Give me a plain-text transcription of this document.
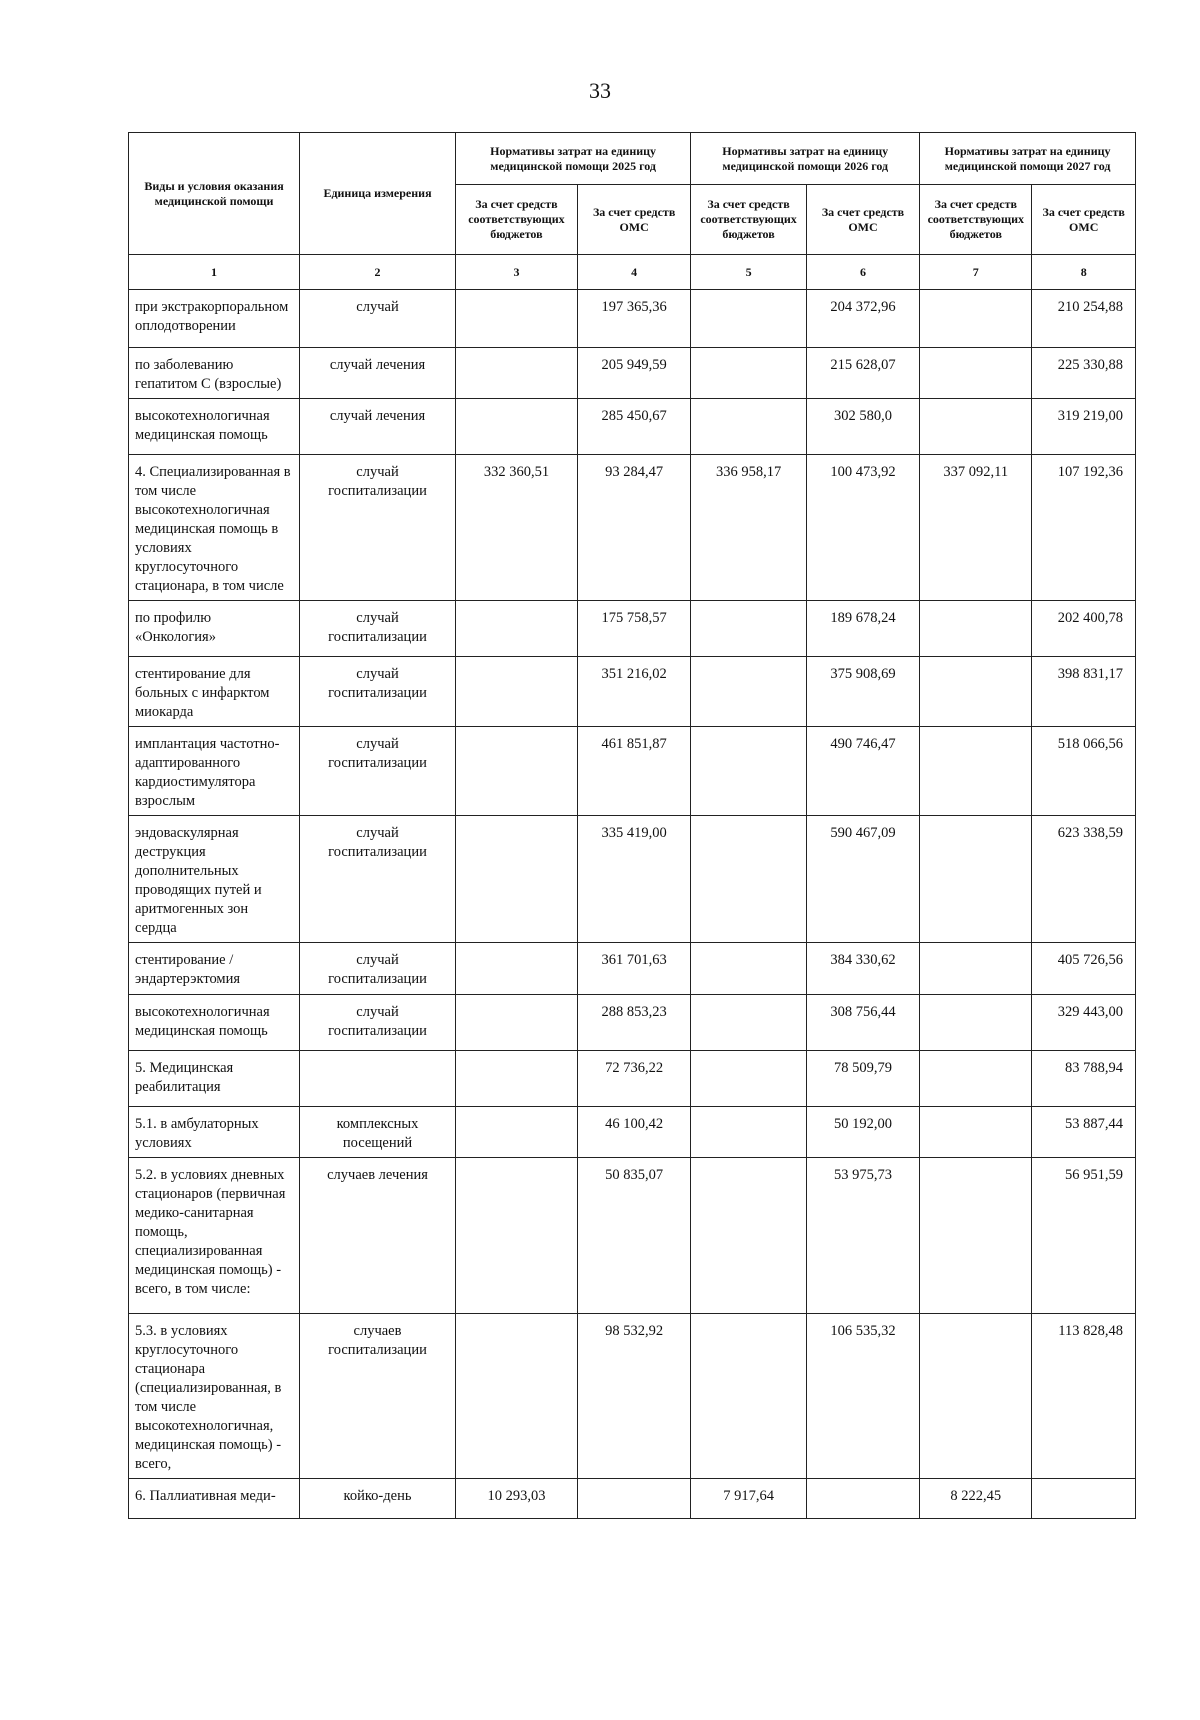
33
Виды и условия оказания медицинской помощи	Единица измерения	Нормативы затрат на единицу медицинской помощи 2025 год		Нормативы затрат на единицу медицинской помощи 2026 год		Нормативы затрат на единицу медицинской помощи 2027 год	
		За счет средств соответствующих бюджетов	За счет средств ОМС	За счет средств соответствующих бюджетов	За счет средств ОМС	За счет средств соответствующих бюджетов	За счет средств ОМС
1	2	3	4	5	6	7	8
при экстракорпоральном оплодотворении	случай		197 365,36		204 372,96		210 254,88
по заболеванию гепатитом С (взрослые)	случай лечения		205 949,59		215 628,07		225 330,88
высокотехнологичная медицинская помощь	случай лечения		285 450,67		302 580,0		319 219,00
4. Специализированная в том числе высокотехнологичная медицинская помощь в условиях круглосуточного стационара, в том числе	случай госпитализации	332 360,51	93 284,47	336 958,17	100 473,92	337 092,11	107 192,36
по профилю «Онкология»	случай госпитализации		175 758,57		189 678,24		202 400,78
стентирование для больных с инфарктом миокарда	случай госпитализации		351 216,02		375 908,69		398 831,17
имплантация частотно-адаптированного кардиостимулятора взрослым	случай госпитализации		461 851,87		490 746,47		518 066,56
эндоваскулярная деструкция дополнительных проводящих путей и аритмогенных зон сердца	случай госпитализации		335 419,00		590 467,09		623 338,59
стентирование / эндартерэктомия	случай госпитализации		361 701,63		384 330,62		405 726,56
высокотехнологичная медицинская помощь	случай госпитализации		288 853,23		308 756,44		329 443,00
5. Медицинская реабилитация			72 736,22		78 509,79		83 788,94
5.1. в амбулаторных условиях	комплексных посещений		46 100,42		50 192,00		53 887,44
5.2. в условиях дневных стационаров (первичная медико-санитарная помощь, специализированная медицинская помощь) - всего, в том числе:	случаев лечения		50 835,07		53 975,73		56 951,59
5.3. в условиях круглосуточного стационара (специализированная, в том числе высокотехнологичная, медицинская помощь) - всего,	случаев госпитализации		98 532,92		106 535,32		113 828,48
6. Паллиативная меди-	койко-день	10 293,03		7 917,64		8 222,45	
